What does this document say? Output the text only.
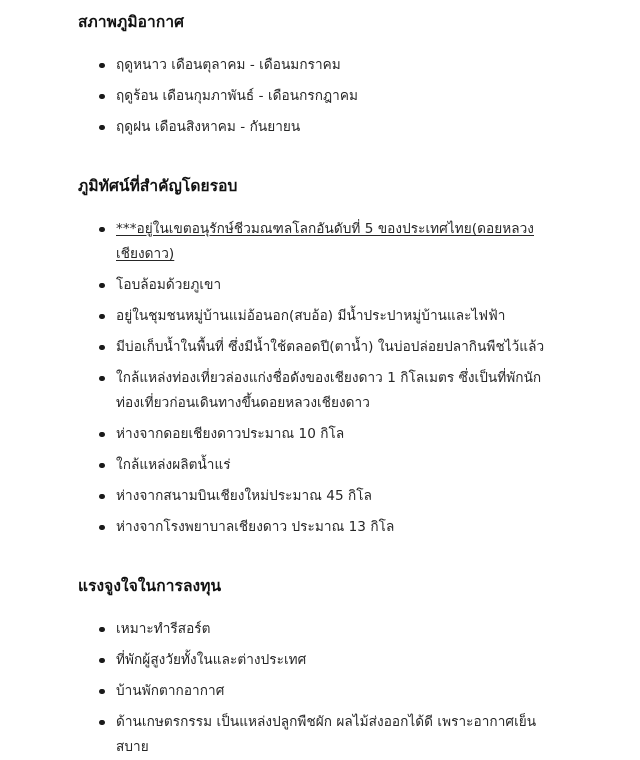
สภาพภูมิอากาศ
ฤดูหนาว เดือนตุลาคม - เดือนมกราคม
ฤดูร้อน เดือนกุมภาพันธ์ - เดือนกรกฎาคม
ฤดูฝน เดือนสิงหาคม - กันยายน
ภูมิทัศน์ที่สำคัญโดยรอบ
***อยู่ในเขตอนุรักษ์ชีวมณฑลโลกอันดับที่ 5 ของประเทศไทย(ดอยหลวงเชียงดาว)
โอบล้อมด้วยภูเขา
อยู่ในชุมชนหมู่บ้านแม่อ้อนอก(สบอ้อ) มีน้ำประปาหมู่บ้านและไฟฟ้า
มีบ่อเก็บน้ำในพื้นที่ ซึ่งมีน้ำใช้ตลอดปี(ตาน้ำ) ในบ่อปล่อยปลากินพืชไว้แล้ว
ใกล้แหล่งท่องเที่ยวล่องแก่งชื่อดังของเชียงดาว 1 กิโลเมตร ซึ่งเป็นที่พักนักท่องเที่ยวก่อนเดินทางขึ้นดอยหลวงเชียงดาว
ห่างจากดอยเชียงดาวประมาณ 10 กิโล
ใกล้แหล่งผลิตน้ำแร่
ห่างจากสนามบินเชียงใหม่ประมาณ 45 กิโล
ห่างจากโรงพยาบาลเชียงดาว ประมาณ 13 กิโล
แรงจูงใจในการลงทุน
เหมาะทำรีสอร์ต
ที่พักผู้สูงวัยทั้งในและต่างประเทศ
บ้านพักตากอากาศ
ด้านเกษตรกรรม เป็นแหล่งปลูกพืชผัก ผลไม้ส่งออกได้ดี เพราะอากาศเย็นสบาย
